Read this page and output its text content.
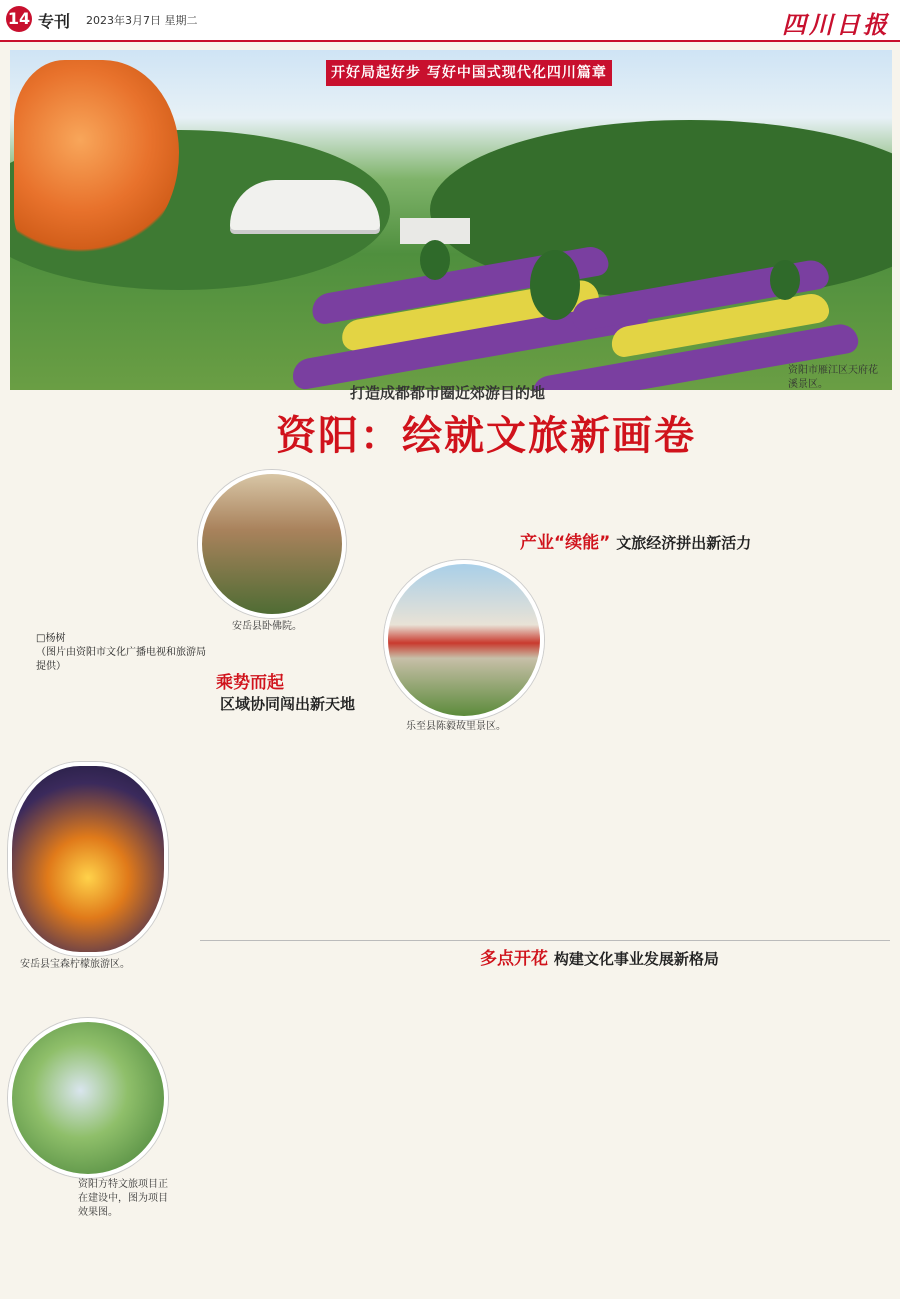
14 专刊 2023年3月7日 星期二	四川日报
开好局起好步 写好中国式现代化四川篇章
资阳市雁江区天府花溪景区。
打造成都都市圈近郊游目的地
资阳：绘就文旅新画卷
□杨树
（图片由资阳市文化广播电视和旅游局提供）
安岳县卧佛院。
乐至县陈毅故里景区。
安岳县宝森柠檬旅游区。
资阳方特文旅项目正在建设中，图为项目效果图。
产业“续能” 文旅经济拼出新活力
乘势而起
区域协同闯出新天地
多点开花 构建文化事业发展新格局
